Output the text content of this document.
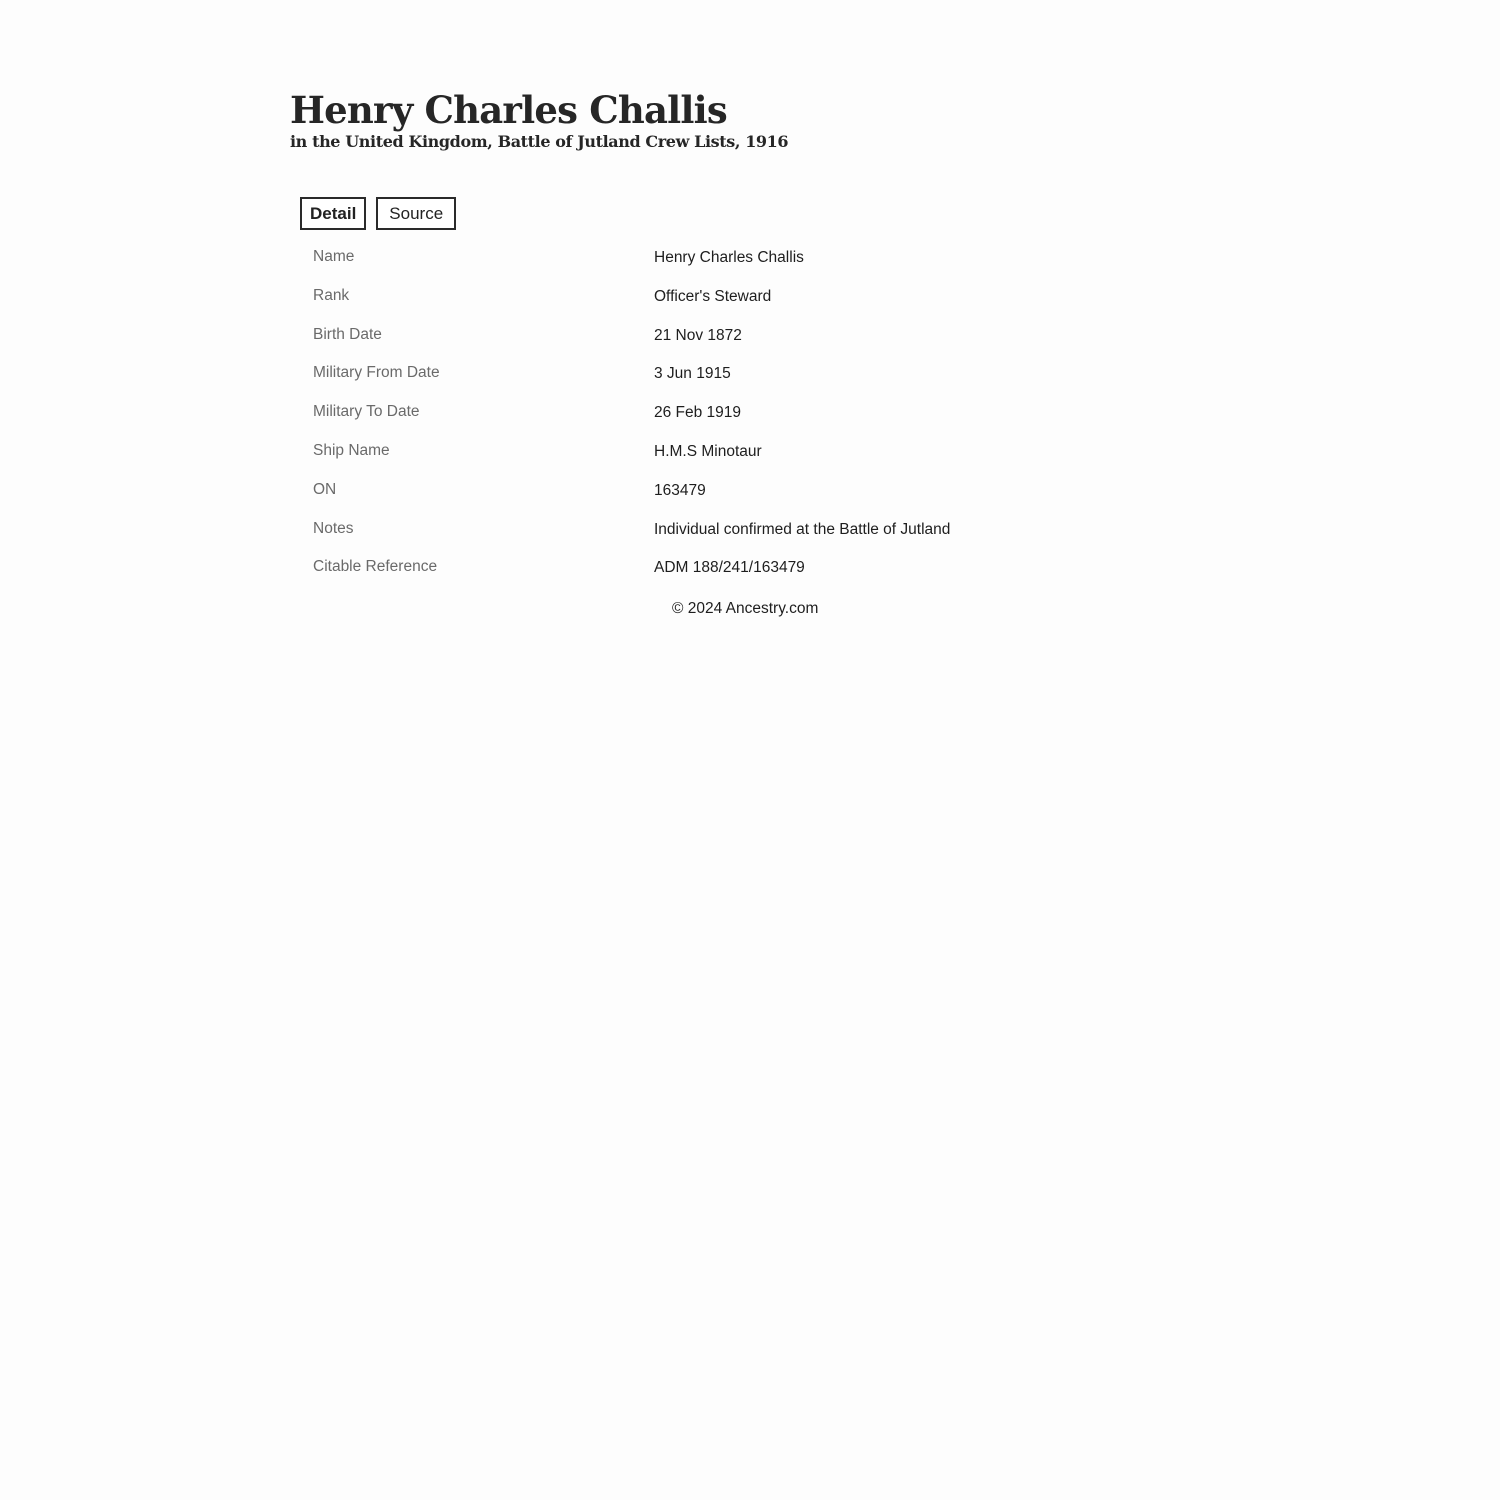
Henry Charles Challis
in the United Kingdom, Battle of Jutland Crew Lists, 1916
Detail	Source
Name	Henry Charles Challis
Rank	Officer's Steward
Birth Date	21 Nov 1872
Military From Date	3 Jun 1915
Military To Date	26 Feb 1919
Ship Name	H.M.S Minotaur
ON	163479
Notes	Individual confirmed at the Battle of Jutland
Citable Reference	ADM 188/241/163479
© 2024 Ancestry.com
